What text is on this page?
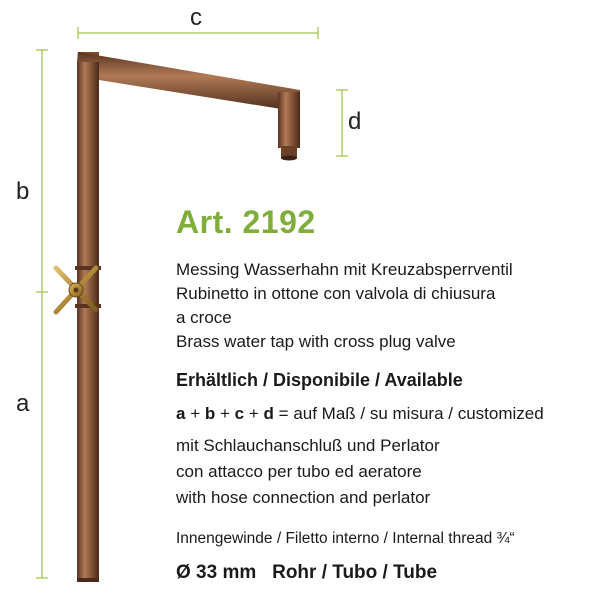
c
b
a
d
Art. 2192
Messing Wasserhahn mit Kreuzabsperrventil
Rubinetto in ottone con valvola di chiusura
a croce
Brass water tap with cross plug valve
Erhältlich / Disponibile / Available
a + b + c + d = auf Maß / su misura / customized
mit Schlauchanschluß und Perlator
con attacco per tubo ed aeratore
with hose connection and perlator
Innengewinde / Filetto interno / Internal thread ¾“
Ø 33 mm   Rohr / Tubo / Tube
